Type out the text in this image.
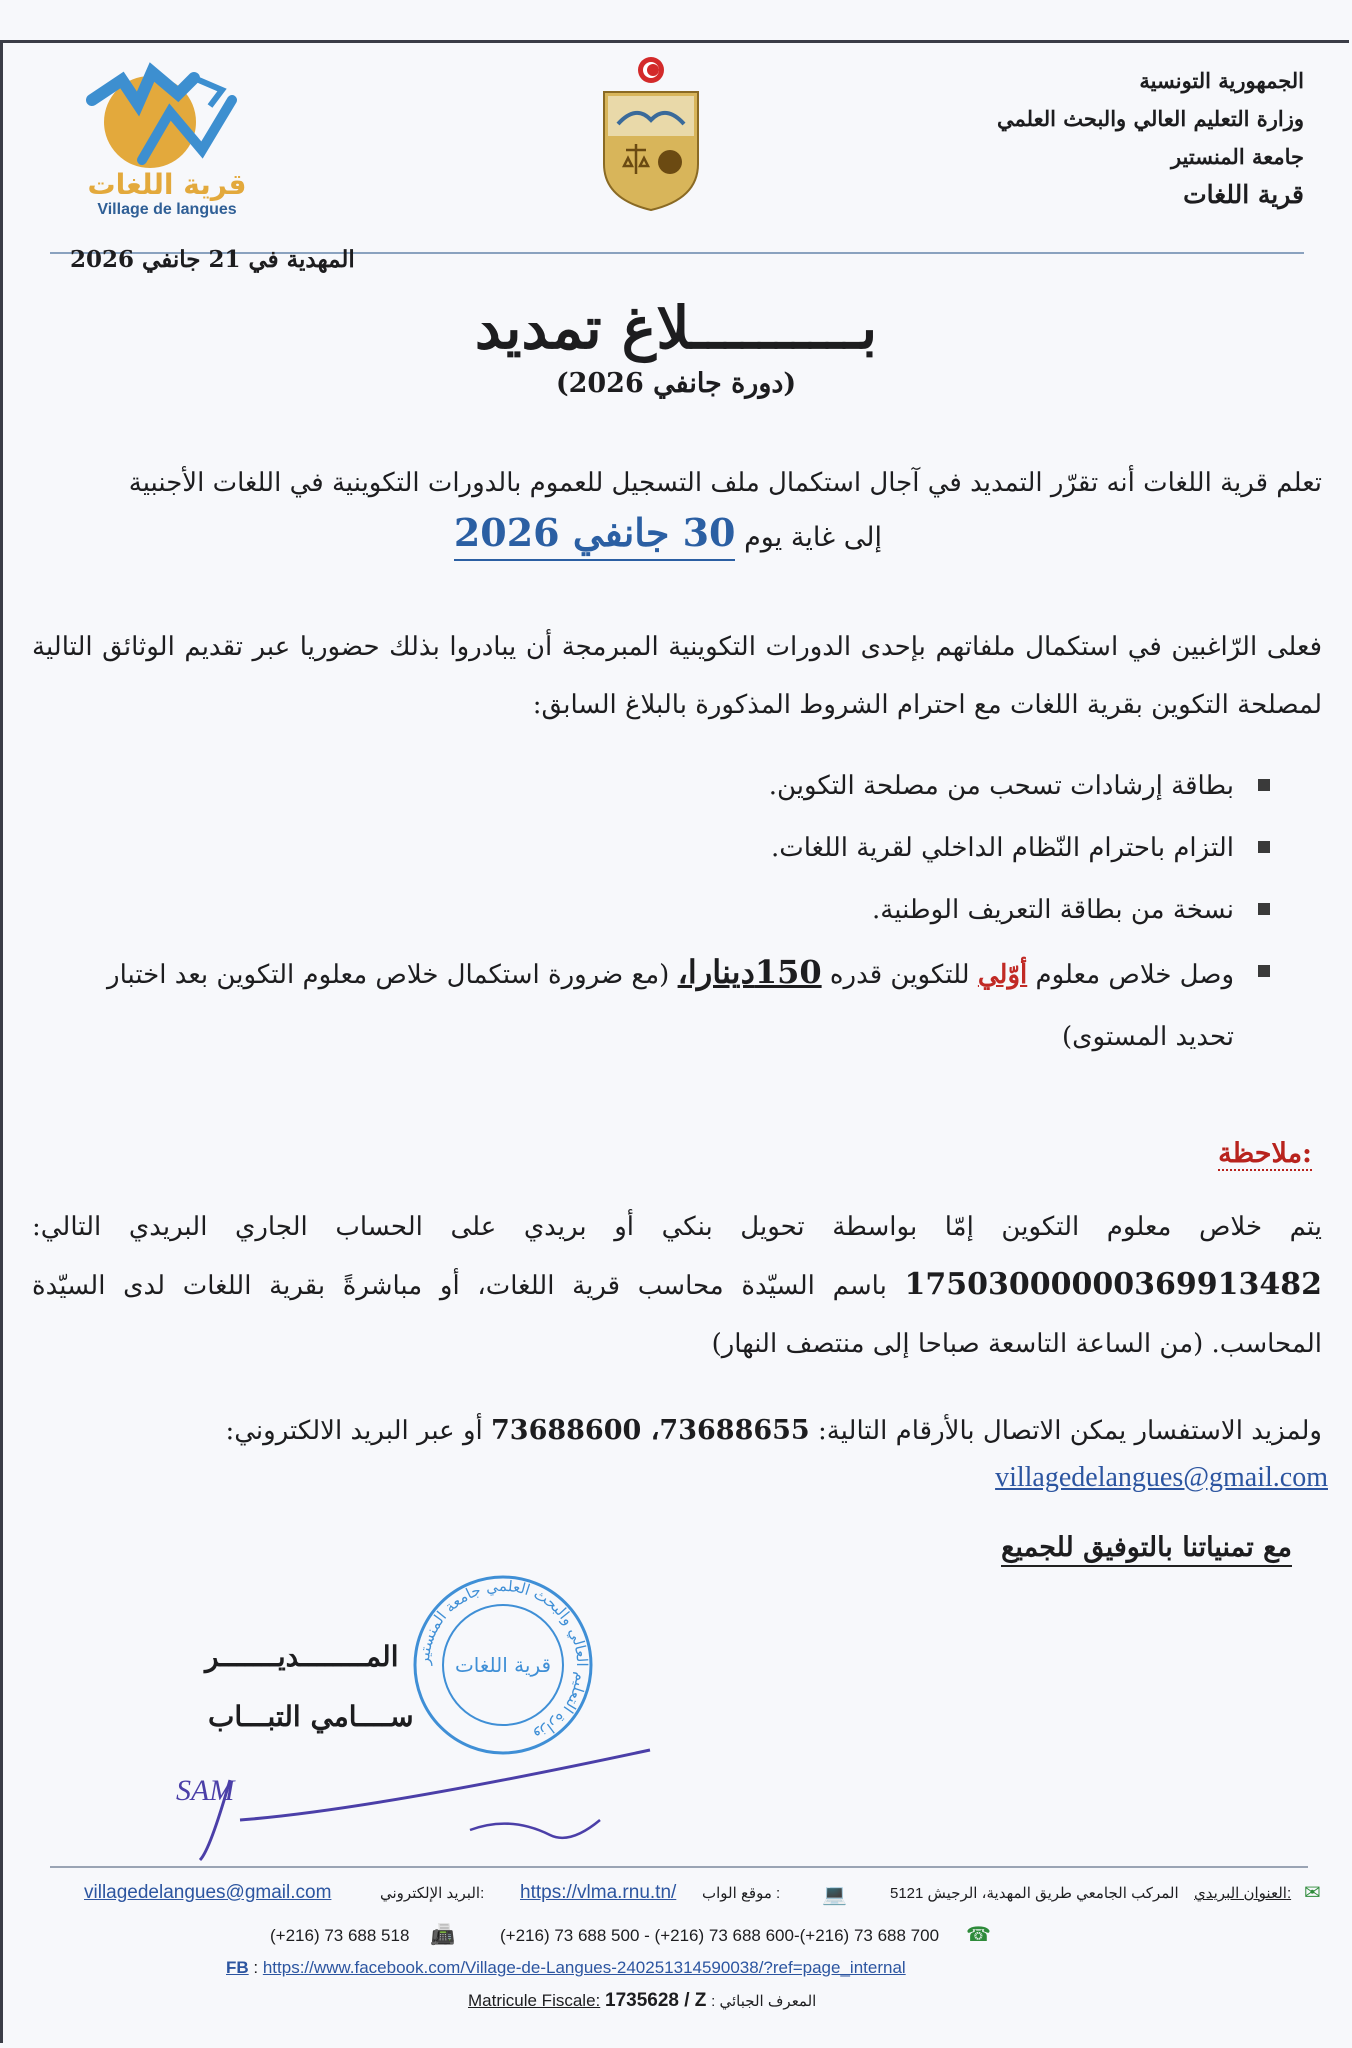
قرية اللغات
Village de langues
الجمهورية التونسية
وزارة التعليم العالي والبحث العلمي
جامعة المنستير
قرية اللغات
المهدية في 21 جانفي 2026
بــــــــــلاغ تمديد
(دورة جانفي 2026)
تعلم قرية اللغات أنه تقرّر التمديد في آجال استكمال ملف التسجيل للعموم بالدورات التكوينية في اللغات الأجنبية
إلى غاية يوم 30 جانفي 2026
فعلى الرّاغبين في استكمال ملفاتهم بإحدى الدورات التكوينية المبرمجة أن يبادروا بذلك حضوريا عبر تقديم الوثائق التالية لمصلحة التكوين بقرية اللغات مع احترام الشروط المذكورة بالبلاغ السابق:
بطاقة إرشادات تسحب من مصلحة التكوين.
التزام باحترام النّظام الداخلي لقرية اللغات.
نسخة من بطاقة التعريف الوطنية.
وصل خلاص معلوم أوّلي للتكوين قدره 150دينارا، (مع ضرورة استكمال خلاص معلوم التكوين بعد اختبار تحديد المستوى)
ملاحظة:
يتم خلاص معلوم التكوين إمّا بواسطة تحويل بنكي أو بريدي على الحساب الجاري البريدي التالي: 17503000000369913482 باسم السيّدة محاسب قرية اللغات، أو مباشرةً بقرية اللغات لدى السيّدة المحاسب. (من الساعة التاسعة صباحا إلى منتصف النهار)
ولمزيد الاستفسار يمكن الاتصال بالأرقام التالية: 73688655، 73688600 أو عبر البريد الالكتروني:
villagedelangues@gmail.com
مع تمنياتنا بالتوفيق للجميع
المــــــــديـــــــر
ســــامي التبـــاب
وزارة التعليم العالي والبحث العلمي جامعة المنستير
قرية اللغات
SAM
villagedelangues@gmail.com	البريد الإلكتروني: https://vlma.rnu.tn/ موقع الواب : 💻	المركب الجامعي طريق المهدية، الرجيش 5121 العنوان البريدي: ✉
(+216) 73 688 518 📠	(+216) 73 688 500 - (+216) 73 688 600-(+216) 73 688 700 ☎
FB : https://www.facebook.com/Village-de-Langues-240251314590038/?ref=page_internal
Matricule Fiscale: 1735628 / Z : المعرف الجبائي
